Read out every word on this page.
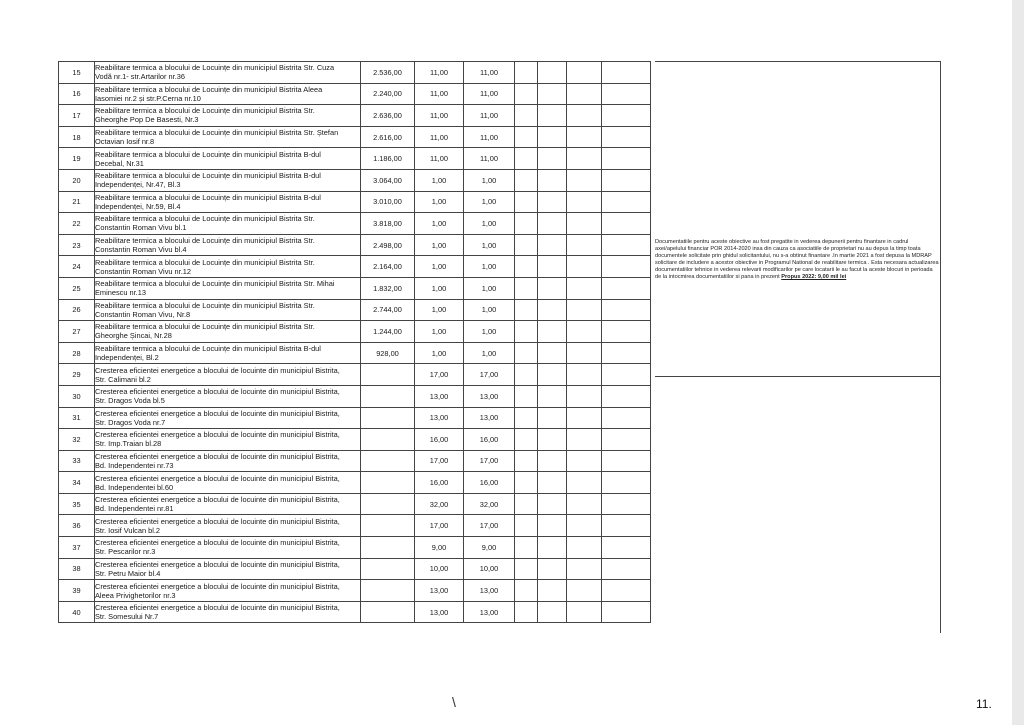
15	Reabilitare termica a blocului de Locuințe din municipiul Bistrita Str. Cuza
Vodă nr.1- str.Artarilor nr.36	2.536,00	11,00	11,00				
16	Reabilitare termica a blocului de Locuințe din municipiul Bistrita Aleea
Iasomiei nr.2 și str.P.Cerna nr.10	2.240,00	11,00	11,00				
17	Reabilitare termica a blocului de Locuințe din municipiul Bistrita Str.
Gheorghe Pop De Basesti, Nr.3	2.636,00	11,00	11,00				
18	Reabilitare termica a blocului de Locuințe din municipiul Bistrita Str. Ștefan
Octavian Iosif nr.8	2.616,00	11,00	11,00				
19	Reabilitare termica a blocului de Locuințe din municipiul Bistrita B-dul
Decebal, Nr.31	1.186,00	11,00	11,00				
20	Reabilitare termica a blocului de Locuințe din municipiul Bistrita B-dul
Independenței, Nr.47, Bl.3	3.064,00	1,00	1,00				
21	Reabilitare termica a blocului de Locuințe din municipiul Bistrita B-dul
Independenței, Nr.59, Bl.4	3.010,00	1,00	1,00				
22	Reabilitare termica a blocului de Locuințe din municipiul Bistrita Str.
Constantin Roman Vivu bl.1	3.818,00	1,00	1,00				
23	Reabilitare termica a blocului de Locuințe din municipiul Bistrita Str.
Constantin Roman Vivu bl.4	2.498,00	1,00	1,00				
24	Reabilitare termica a blocului de Locuințe din municipiul Bistrita Str.
Constantin Roman Vivu nr.12	2.164,00	1,00	1,00				
25	Reabilitare termica a blocului de Locuințe din municipiul Bistrita Str. Mihai
Eminescu nr.13	1.832,00	1,00	1,00				
26	Reabilitare termica a blocului de Locuințe din municipiul Bistrita Str.
Constantin Roman Vivu, Nr.8	2.744,00	1,00	1,00				
27	Reabilitare termica a blocului de Locuințe din municipiul Bistrita Str.
Gheorghe Șincai, Nr.28	1.244,00	1,00	1,00				
28	Reabilitare termica a blocului de Locuințe din municipiul Bistrita B-dul
Independenței, Bl.2	928,00	1,00	1,00				
29	Cresterea eficientei energetice a blocului de locuinte din municipiul Bistrita,
Str. Calimani bl.2		17,00	17,00				
30	Cresterea eficientei energetice a blocului de locuinte din municipiul Bistrita,
Str. Dragos Voda bl.5		13,00	13,00				
31	Cresterea eficientei energetice a blocului de locuinte din municipiul Bistrita,
Str. Dragos Voda nr.7		13,00	13,00				
32	Cresterea eficientei energetice a blocului de locuinte din municipiul Bistrita,
Str. Imp.Traian bl.28		16,00	16,00				
33	Cresterea eficientei energetice a blocului de locuinte din municipiul Bistrita,
Bd. Independentei nr.73		17,00	17,00				
34	Cresterea eficientei energetice a blocului de locuinte din municipiul Bistrita,
Bd. Independentei bl.60		16,00	16,00				
35	Cresterea eficientei energetice a blocului de locuinte din municipiul Bistrita,
Bd. Independentei nr.81		32,00	32,00				
36	Cresterea eficientei energetice a blocului de locuinte din municipiul Bistrita,
Str. Iosif Vulcan bl.2		17,00	17,00				
37	Cresterea eficientei energetice a blocului de locuinte din municipiul Bistrita,
Str. Pescarilor nr.3		9,00	9,00				
38	Cresterea eficientei energetice a blocului de locuinte din municipiul Bistrita,
Str. Petru Maior bl.4		10,00	10,00				
39	Cresterea eficientei energetice a blocului de locuinte din municipiul Bistrita,
Aleea Privighetorilor nr.3		13,00	13,00				
40	Cresterea eficientei energetice a blocului de locuinte din municipiul Bistrita,
Str. Somesului Nr.7		13,00	13,00				
Documentatiile pentru aceste obiective au fost pregatite in vederea depunerii pentru finantare in cadrul axei/apelului financiar POR 2014-2020 insa din cauza ca asociatiile de proprietari nu au depus la timp toata documentele solicitate prin ghidul solicitantului, nu s-a obtinut finantare .In martie 2021 a fost depusa la MDRAP solicitare de includere a acestor obiective in Programul National de reabilitare termica . Esta necesara actualizarea documentatiilor tehnice in vederea relevarii modificarilor pe care locatarii le au facut la aceste blocuri in perioada de la intocmirea documentatiilor si pana in prezent Propus 2022: 9,00 mil lei
\	11.
